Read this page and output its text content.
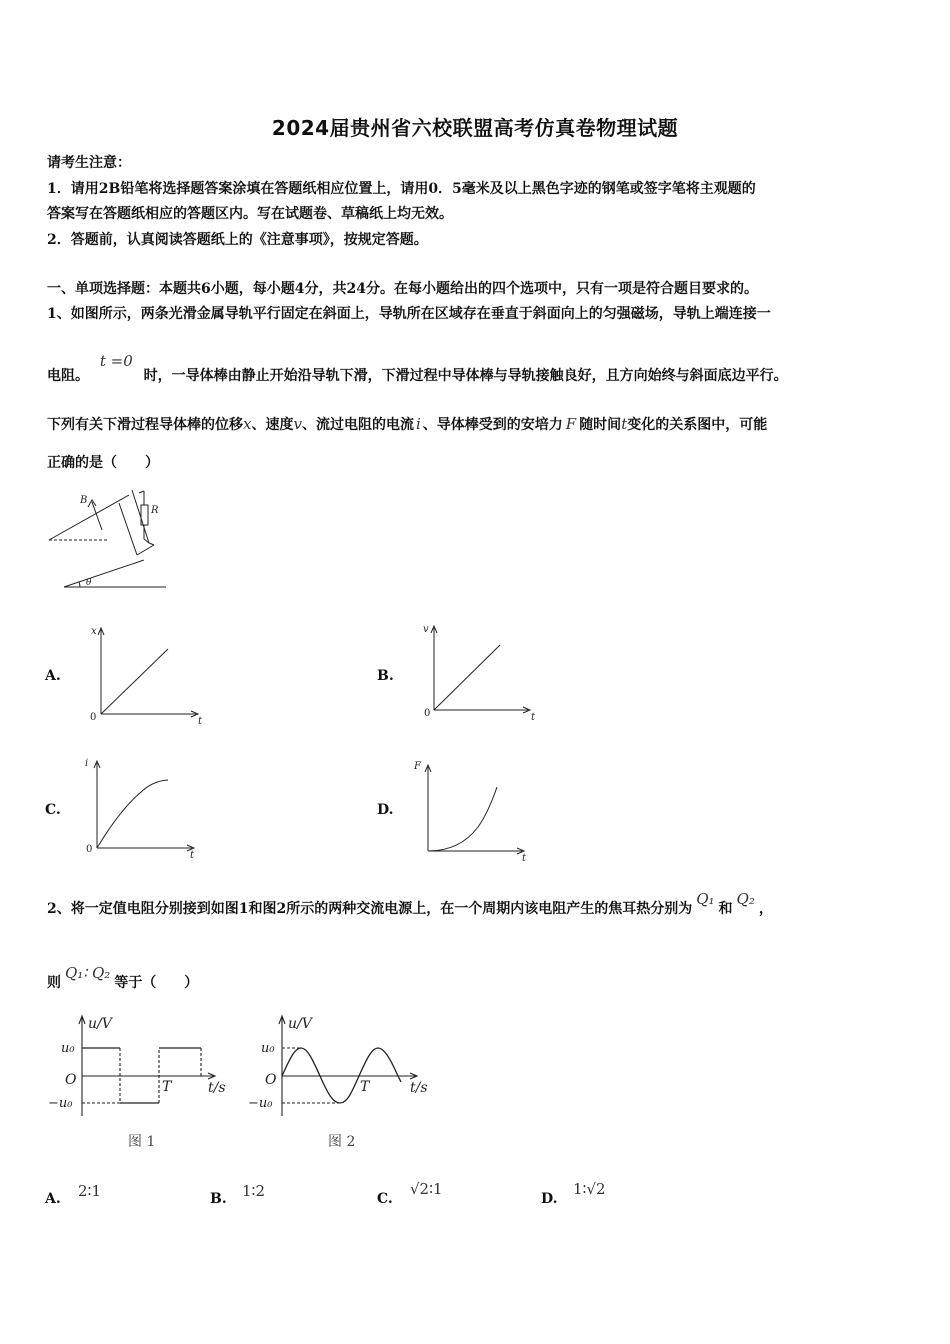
2024届贵州省六校联盟高考仿真卷物理试题
请考生注意：
1．请用2B铅笔将选择题答案涂填在答题纸相应位置上，请用0．5毫米及以上黑色字迹的钢笔或签字笔将主观题的
答案写在答题纸相应的答题区内。写在试题卷、草稿纸上均无效。
2．答题前，认真阅读答题纸上的《注意事项》，按规定答题。
一、单项选择题：本题共6小题，每小题4分，共24分。在每小题给出的四个选项中，只有一项是符合题目要求的。
1、如图所示，两条光滑金属导轨平行固定在斜面上，导轨所在区域存在垂直于斜面向上的匀强磁场，导轨上端连接一
电阻。 t =0 时，一导体棒由静止开始沿导轨下滑，下滑过程中导体棒与导轨接触良好，且方向始终与斜面底边平行。
下列有关下滑过程导体棒的位移x、速度v、流过电阻的电流 i 、导体棒受到的安培力 F 随时间t变化的关系图中，可能
正确的是（　　）
B
R
θ
A.
x
t
0
B.
v
t
0
C.
i
t
0
D.
F
t
2、将一定值电阻分别接到如图1和图2所示的两种交流电源上，在一个周期内该电阻产生的焦耳热分别为Q₁和Q₂，
则Q₁∶ Q₂等于（　　）
u/V
u₀
O
−u₀
T	t/s
图 1
u/V
u₀
O
−u₀
T	t/s
图 2
A. 2∶1	B. 1∶2	C.
√2∶1
D.
1∶√2
